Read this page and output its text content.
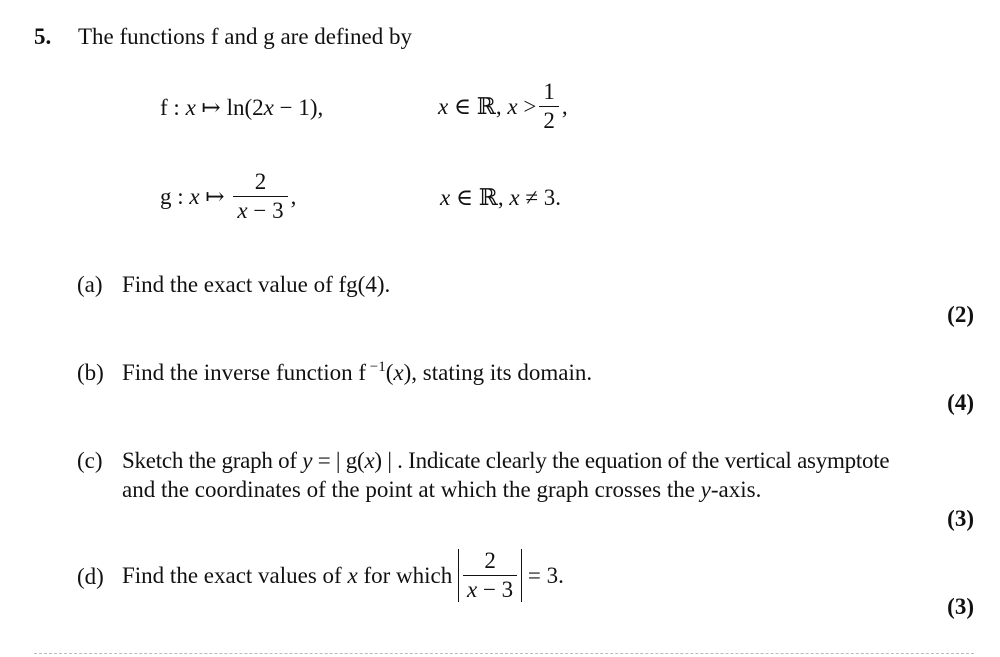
5. The functions f and g are defined by
f : x ↦ ln(2x − 1),	x ∈ ℝ, $x > \frac{1}{2}$ ,
g : x ↦ $\frac{2}{x - 3}$ ,	x ∈ ℝ, x ≠ 3.
(a) Find the exact value of fg(4).
(2)
(b) Find the inverse function f $^{-1}$(x), stating its domain.
(4)
(c) Sketch the graph of y = | g(x) | . Indicate clearly the equation of the vertical asymptote
and the coordinates of the point at which the graph crosses the y-axis.
(3)
(d) Find the exact values of x for which $\frac{2}{x - 3} = 3$.
(3)
